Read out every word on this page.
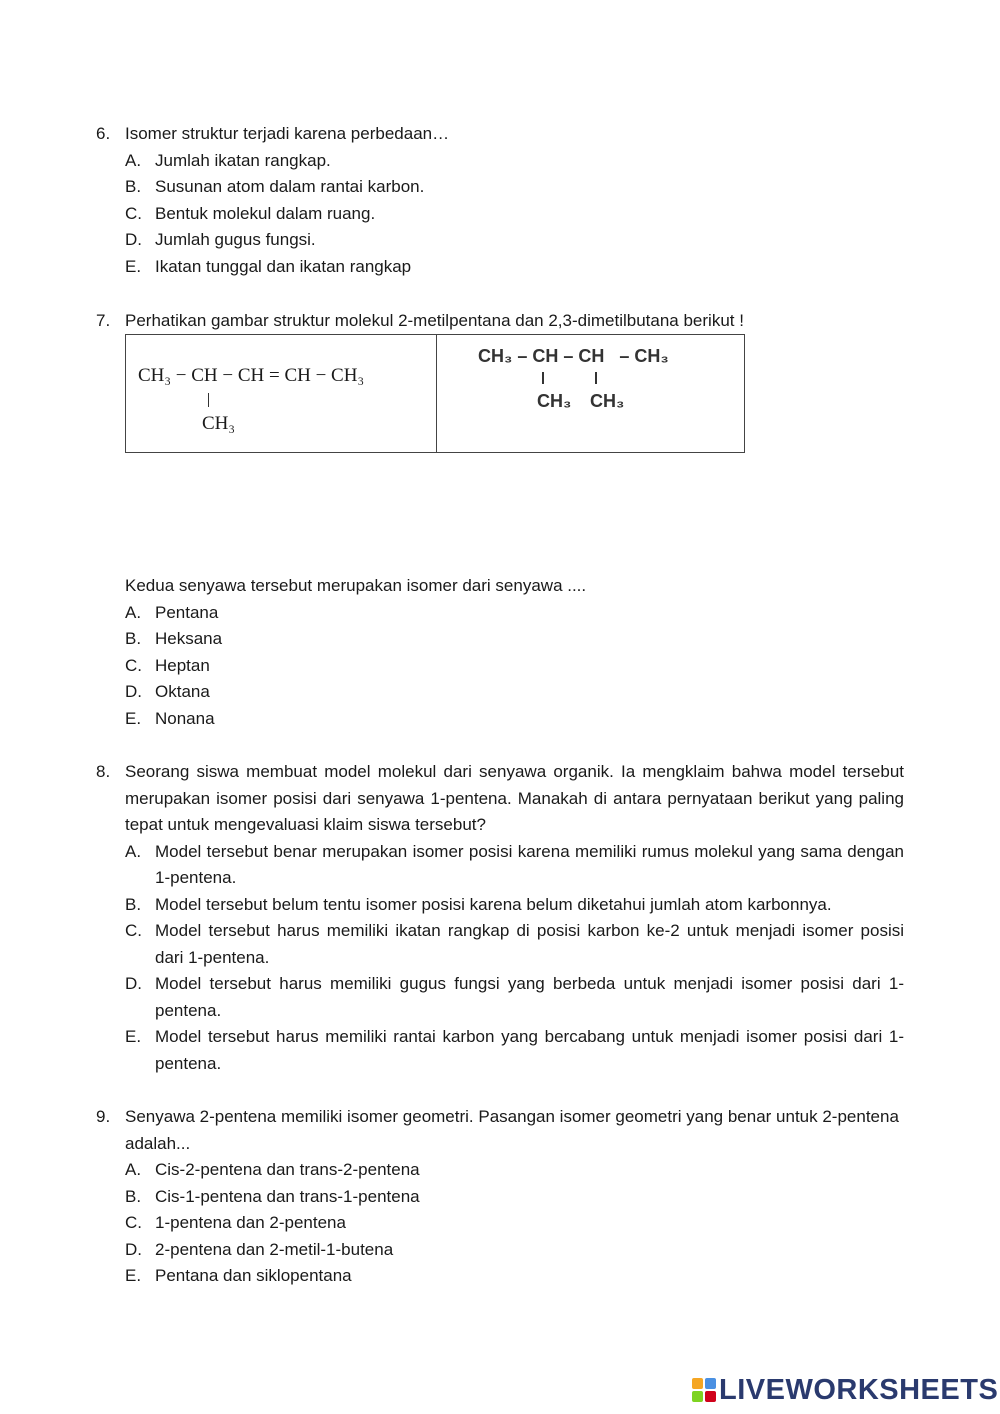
6. Isomer struktur terjadi karena perbedaan…
A. Jumlah ikatan rangkap.
B. Susunan atom dalam rantai karbon.
C. Bentuk molekul dalam ruang.
D. Jumlah gugus fungsi.
E. Ikatan tunggal dan ikatan rangkap
7. Perhatikan gambar struktur molekul 2-metilpentana dan 2,3-dimetilbutana berikut !
CH₃ − CH − CH = CH − CH₃
CH₃
CH₃ – CH – CH   – CH₃
CH₃ CH₃
Kedua senyawa tersebut merupakan isomer dari senyawa ....
A. Pentana
B. Heksana
C. Heptan
D. Oktana
E. Nonana
8. Seorang siswa membuat model molekul dari senyawa organik. Ia mengklaim bahwa model tersebut merupakan isomer posisi dari senyawa 1-pentena. Manakah di antara pernyataan berikut yang paling tepat untuk mengevaluasi klaim siswa tersebut?
A. Model tersebut benar merupakan isomer posisi karena memiliki rumus molekul yang sama dengan 1-pentena.
B. Model tersebut belum tentu isomer posisi karena belum diketahui jumlah atom karbonnya.
C. Model tersebut harus memiliki ikatan rangkap di posisi karbon ke-2 untuk menjadi isomer posisi dari 1-pentena.
D. Model tersebut harus memiliki gugus fungsi yang berbeda untuk menjadi isomer posisi dari 1-pentena.
E. Model tersebut harus memiliki rantai karbon yang bercabang untuk menjadi isomer posisi dari 1-pentena.
9. Senyawa 2-pentena memiliki isomer geometri. Pasangan isomer geometri yang benar untuk 2-pentena adalah...
A. Cis-2-pentena dan trans-2-pentena
B. Cis-1-pentena dan trans-1-pentena
C. 1-pentena dan 2-pentena
D. 2-pentena dan 2-metil-1-butena
E. Pentana dan siklopentana
LIVEWORKSHEETS
